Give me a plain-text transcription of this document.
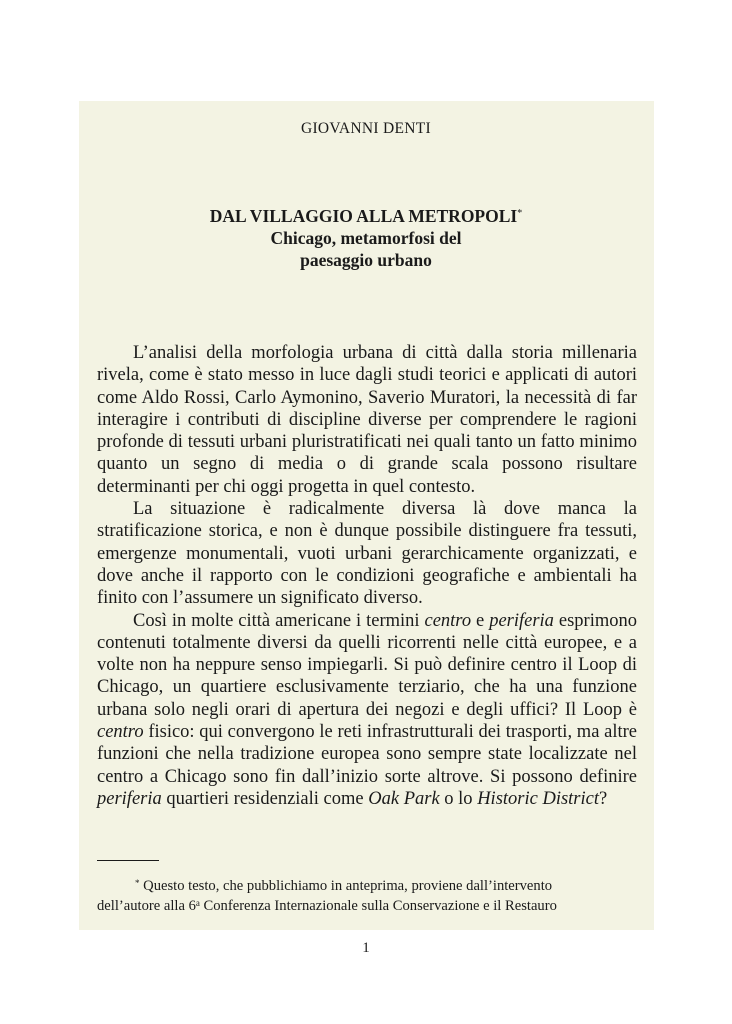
GIOVANNI DENTI
DAL VILLAGGIO ALLA METROPOLI*
Chicago, metamorfosi del
paesaggio urbano

L’analisi della morfologia urbana di città dalla storia millenaria rivela, come è stato messo in luce dagli studi teorici e applicati di autori come Aldo Rossi, Carlo Aymonino, Saverio Muratori, la necessità di far interagire i contributi di discipline diverse per comprendere le ragioni profonde di tessuti urbani pluristratificati nei quali tanto un fatto minimo quanto un segno di media o di grande scala possono risultare determinanti per chi oggi progetta in quel contesto.

La situazione è radicalmente diversa là dove manca la stratificazione storica, e non è dunque possibile distinguere fra tessuti, emergenze monumentali, vuoti urbani gerarchicamente organizzati, e dove anche il rapporto con le condizioni geografiche e ambientali ha finito con l’assumere un significato diverso.

Così in molte città americane i termini centro e periferia esprimono contenuti totalmente diversi da quelli ricorrenti nelle città europee, e a volte non ha neppure senso impiegarli. Si può definire centro il Loop di Chicago, un quartiere esclusivamente terziario, che ha una funzione urbana solo negli orari di apertura dei negozi e degli uffici? Il Loop è centro fisico: qui convergono le reti infrastrutturali dei trasporti, ma altre funzioni che nella tradizione europea sono sempre state localizzate nel centro a Chicago sono fin dall’inizio sorte altrove. Si possono definire periferia quartieri residenziali come Oak Park o lo Historic District?

* Questo testo, che pubblichiamo in anteprima, proviene dall’intervento
dell’autore alla 6$^a$ Conferenza Internazionale sulla Conservazione e il Restauro
1
